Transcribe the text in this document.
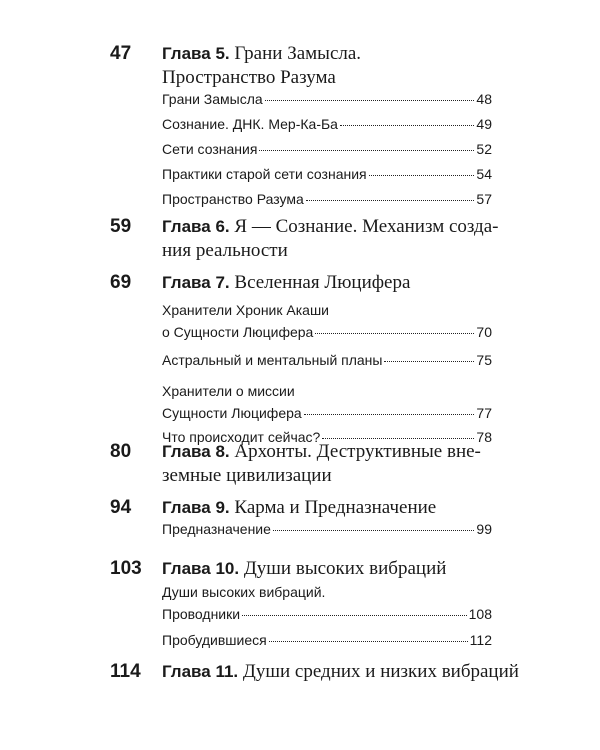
47 Глава 5. Грани Замысла.
Пространство Разума
Грани Замысла	48
Сознание. ДНК. Мер-Ка-Ба	49
Сети сознания	52
Практики старой сети сознания	54
Пространство Разума	57
59 Глава 6. Я — Сознание. Механизм созда-
ния реальности
69 Глава 7. Вселенная Люцифера
Хранители Хроник Акаши
о Сущности Люцифера	70
Астральный и ментальный планы	75
Хранители о миссии
Сущности Люцифера	77
Что происходит сейчас?	78
80 Глава 8. Архонты. Деструктивные вне-
земные цивилизации
94 Глава 9. Карма и Предназначение
Предназначение	99
103 Глава 10. Души высоких вибраций
Души высоких вибраций.
Проводники	108
Пробудившиеся	112
114 Глава 11. Души средних и низких вибраций
